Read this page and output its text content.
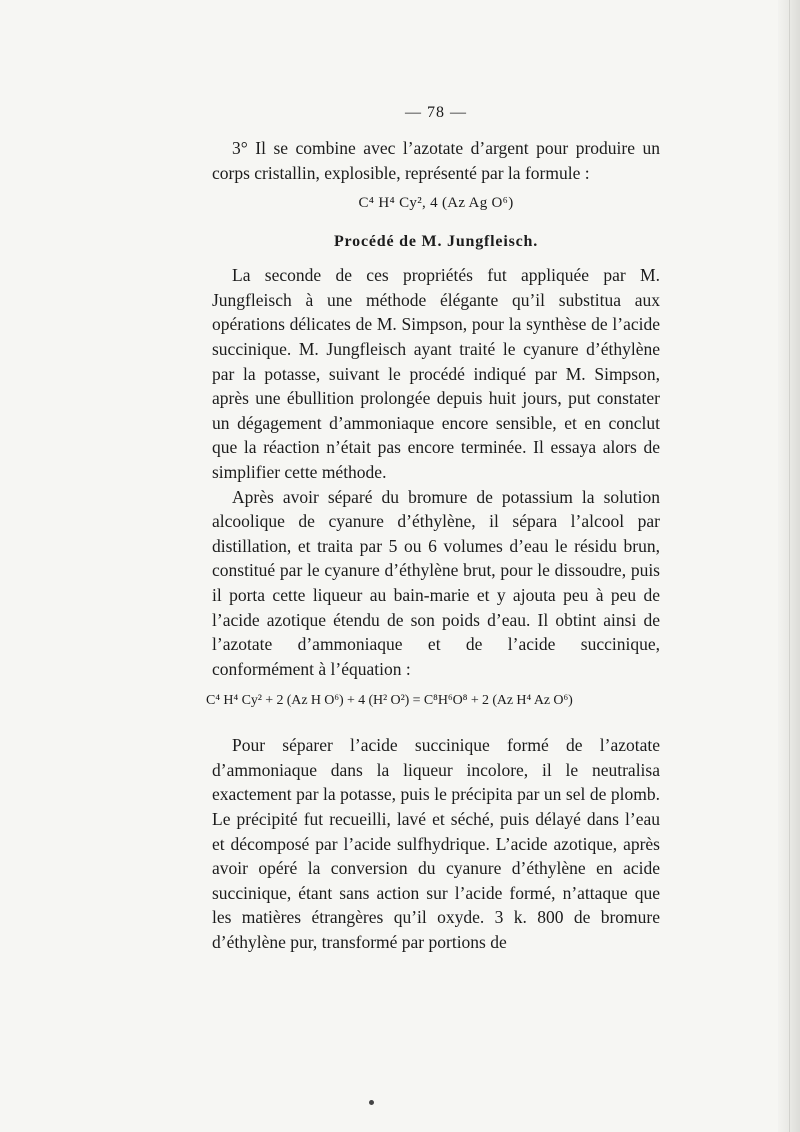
— 78 —

3° Il se combine avec l’azotate d’argent pour produire un corps cristallin, explosible, représenté par la formule :

C⁴ H⁴ Cy², 4 (Az Ag O⁶)
Procédé de M. Jungfleisch.

La seconde de ces propriétés fut appliquée par M. Jungfleisch à une méthode élégante qu’il substitua aux opérations délicates de M. Simpson, pour la synthèse de l’acide succinique. M. Jungfleisch ayant traité le cyanure d’éthylène par la potasse, suivant le procédé indiqué par M. Simpson, après une ébullition prolongée depuis huit jours, put constater un dégagement d’ammoniaque encore sensible, et en conclut que la réaction n’était pas encore terminée. Il essaya alors de simplifier cette méthode.

Après avoir séparé du bromure de potassium la solution alcoolique de cyanure d’éthylène, il sépara l’alcool par distillation, et traita par 5 ou 6 volumes d’eau le résidu brun, constitué par le cyanure d’éthylène brut, pour le dissoudre, puis il porta cette liqueur au bain-marie et y ajouta peu à peu de l’acide azotique étendu de son poids d’eau. Il obtint ainsi de l’azotate d’ammoniaque et de l’acide succinique, conformément à l’équation :

C⁴ H⁴ Cy² + 2 (Az H O⁶) + 4 (H² O²) = C⁸H⁶O⁸ + 2 (Az H⁴ Az O⁶)

Pour séparer l’acide succinique formé de l’azotate d’ammoniaque dans la liqueur incolore, il le neutralisa exactement par la potasse, puis le précipita par un sel de plomb. Le précipité fut recueilli, lavé et séché, puis délayé dans l’eau et décomposé par l’acide sulfhydrique. L’acide azotique, après avoir opéré la conversion du cyanure d’éthylène en acide succinique, étant sans action sur l’acide formé, n’attaque que les matières étrangères qu’il oxyde. 3 k. 800 de bromure d’éthylène pur, transformé par portions de
